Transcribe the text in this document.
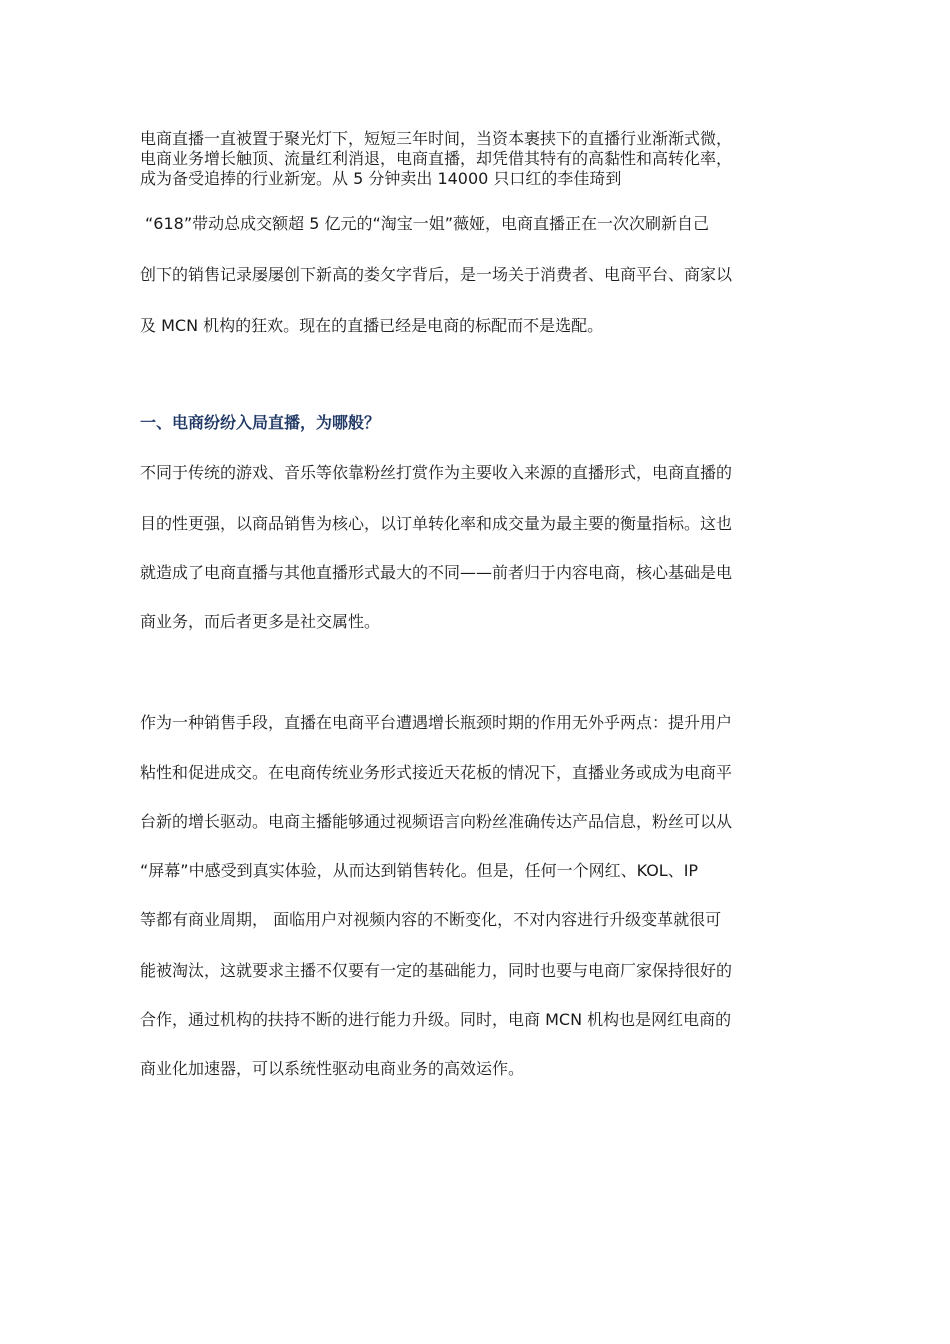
电商直播一直被置于聚光灯下，短短三年时间，当资本裹挟下的直播行业渐渐式微，
电商业务增长触顶、流量红利消退，电商直播，却凭借其特有的高黏性和高转化率，
成为备受追捧的行业新宠。从 5 分钟卖出 14000 只口红的李佳琦到
“618”带动总成交额超 5 亿元的“淘宝一姐”薇娅，电商直播正在一次次刷新自己
创下的销售记录屡屡创下新高的娄攵字背后，是一场关于消费者、电商平台、商家以
及 MCN 机构的狂欢。现在的直播已经是电商的标配而不是选配。
一、电商纷纷入局直播，为哪般？
不同于传统的游戏、音乐等依靠粉丝打赏作为主要收入来源的直播形式，电商直播的
目的性更强，以商品销售为核心，以订单转化率和成交量为最主要的衡量指标。这也
就造成了电商直播与其他直播形式最大的不同——前者归于内容电商，核心基础是电
商业务，而后者更多是社交属性。
作为一种销售手段，直播在电商平台遭遇增长瓶颈时期的作用无外乎两点：提升用户
粘性和促进成交。在电商传统业务形式接近天花板的情况下，直播业务或成为电商平
台新的增长驱动。电商主播能够通过视频语言向粉丝准确传达产品信息，粉丝可以从
“屏幕”中感受到真实体验，从而达到销售转化。但是，任何一个网红、KOL、IP
等都有商业周期， 面临用户对视频内容的不断变化，不对内容进行升级变革就很可
能被淘汰，这就要求主播不仅要有一定的基础能力，同时也要与电商厂家保持很好的
合作，通过机构的扶持不断的进行能力升级。同时，电商 MCN 机构也是网红电商的
商业化加速器，可以系统性驱动电商业务的高效运作。
